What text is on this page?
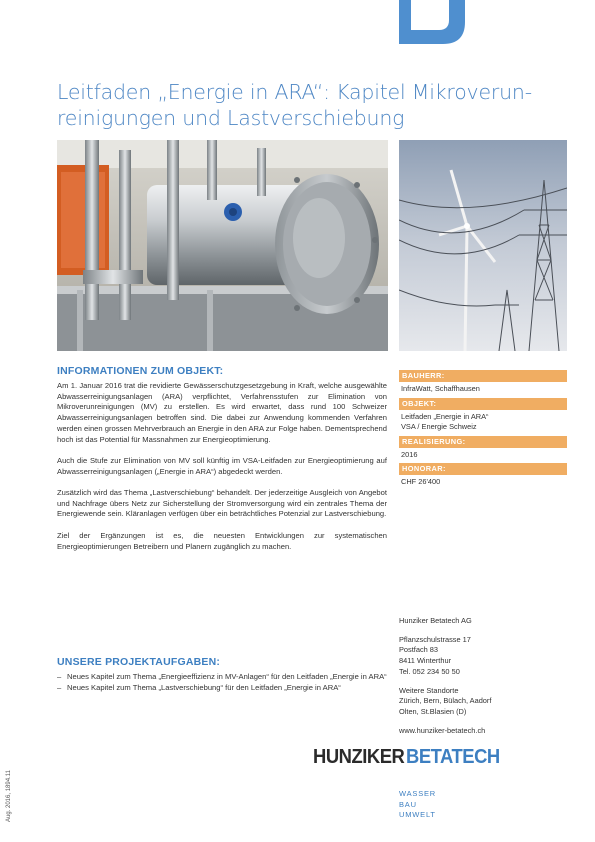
Leitfaden „Energie in ARA“: Kapitel Mikroverun-
reinigungen und Lastverschiebung
INFORMATIONEN ZUM OBJEKT:

Am 1. Januar 2016 trat die revidierte Gewässerschutzgesetzgebung in Kraft, welche ausgewählte Abwasserreinigungsanlagen (ARA) verpflichtet, Verfahrensstufen zur Elimination von Mikroverunreinigungen (MV) zu erstellen. Es wird erwartet, dass rund 100 Schweizer Abwasserreinigungsanlagen betroffen sind. Die dabei zur Anwendung kommenden Verfahren werden einen grossen Mehrverbrauch an Energie in den ARA zur Folge haben. Dementsprechend hoch ist das Potential für Massnahmen zur Energieoptimierung.

Auch die Stufe zur Elimination von MV soll künftig im VSA-Leitfaden zur Energieoptimierung auf Abwasserreinigungsanlagen („Energie in ARA“) abgedeckt werden.

Zusätzlich wird das Thema „Lastverschiebung“ behandelt. Der jederzeitige Ausgleich von Angebot und Nachfrage übers Netz zur Sicherstellung der Stromversorgung wird ein zentrales Thema der Energiewende sein. Kläranlagen verfügen über ein beträchtliches Potenzial zur Lastverschiebung.

Ziel der Ergänzungen ist es, die neuesten Entwicklungen zur systematischen Energieoptimierungen Betreibern und Planern zugänglich zu machen.

UNSERE PROJEKTAUFGABEN:
– Neues Kapitel zum Thema „Energieeffizienz in MV-Anlagen“ für den Leitfaden „Energie in ARA“
– Neues Kapitel zum Thema „Lastverschiebung“ für den Leitfaden „Energie in ARA“
BAUHERR:
InfraWatt, Schaffhausen
OBJEKT:
Leitfaden „Energie in ARA“
VSA / Energie Schweiz
REALISIERUNG:
2016
HONORAR:
CHF 26'400
Hunziker Betatech AG
Pflanzschulstrasse 17
Postfach 83
8411 Winterthur
Tel. 052 234 50 50
Weitere Standorte
Zürich, Bern, Bülach, Aadorf
Olten, St.Blasien (D)
www.hunziker-betatech.ch
HUNZIKER BETATECH
WASSER
BAU
UMWELT
Aug. 2016, 1894.11
